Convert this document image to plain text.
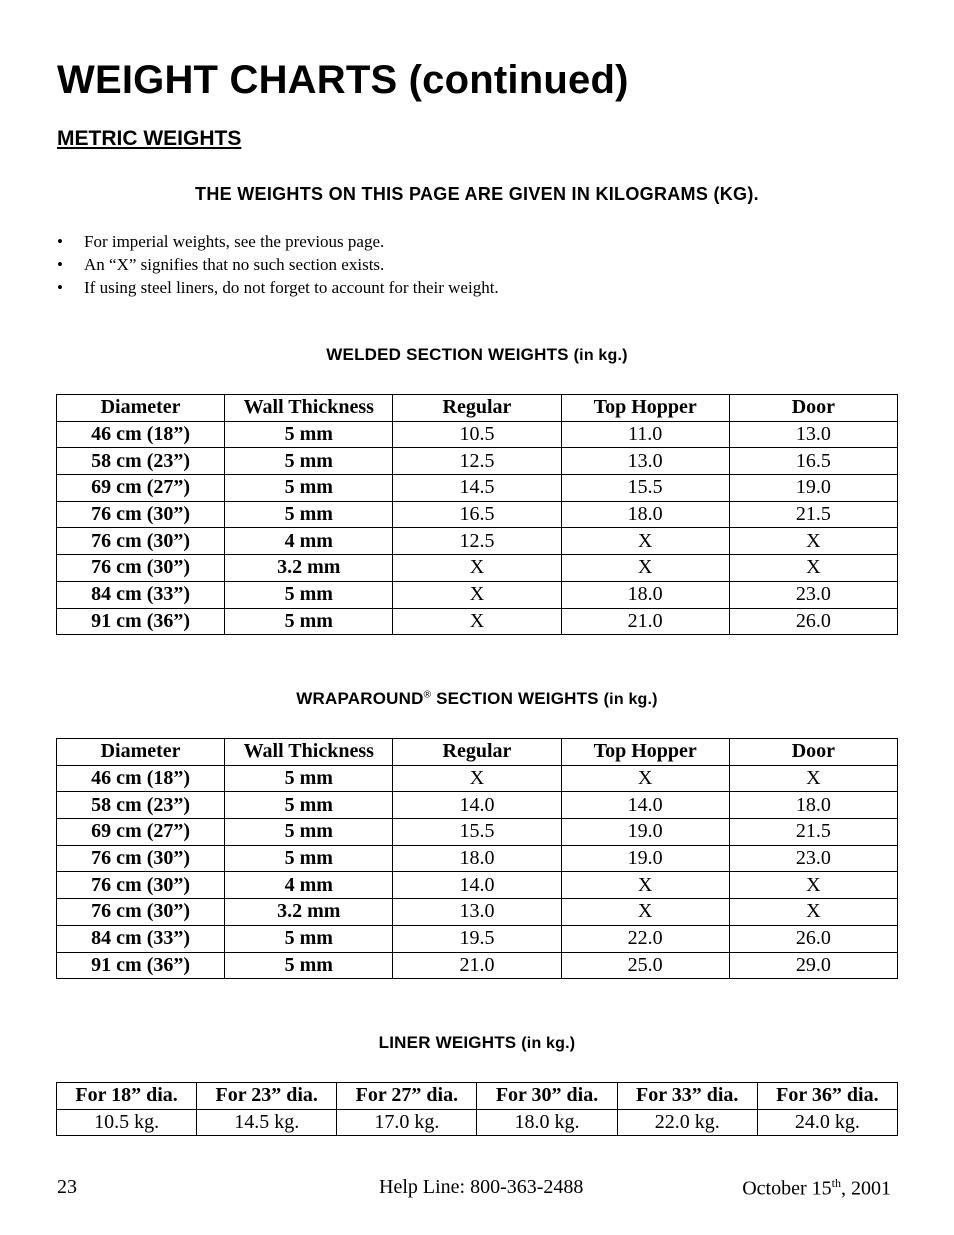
WEIGHT CHARTS (continued)
METRIC WEIGHTS
THE WEIGHTS ON THIS PAGE ARE GIVEN IN KILOGRAMS (KG).
• For imperial weights, see the previous page.
• An “X” signifies that no such section exists.
• If using steel liners, do not forget to account for their weight.
WELDED SECTION WEIGHTS (in kg.)
Diameter	Wall Thickness	Regular	Top Hopper	Door
46 cm (18”)	5 mm	10.5	11.0	13.0
58 cm (23”)	5 mm	12.5	13.0	16.5
69 cm (27”)	5 mm	14.5	15.5	19.0
76 cm (30”)	5 mm	16.5	18.0	21.5
76 cm (30”)	4 mm	12.5	X	X
76 cm (30”)	3.2 mm	X	X	X
84 cm (33”)	5 mm	X	18.0	23.0
91 cm (36”)	5 mm	X	21.0	26.0
WRAPAROUND® SECTION WEIGHTS (in kg.)
Diameter	Wall Thickness	Regular	Top Hopper	Door
46 cm (18”)	5 mm	X	X	X
58 cm (23”)	5 mm	14.0	14.0	18.0
69 cm (27”)	5 mm	15.5	19.0	21.5
76 cm (30”)	5 mm	18.0	19.0	23.0
76 cm (30”)	4 mm	14.0	X	X
76 cm (30”)	3.2 mm	13.0	X	X
84 cm (33”)	5 mm	19.5	22.0	26.0
91 cm (36”)	5 mm	21.0	25.0	29.0
LINER WEIGHTS (in kg.)
For 18” dia.	For 23” dia.	For 27” dia.	For 30” dia.	For 33” dia.	For 36” dia.
10.5 kg.	14.5 kg.	17.0 kg.	18.0 kg.	22.0 kg.	24.0 kg.
23	Help Line: 800-363-2488	October 15th, 2001
